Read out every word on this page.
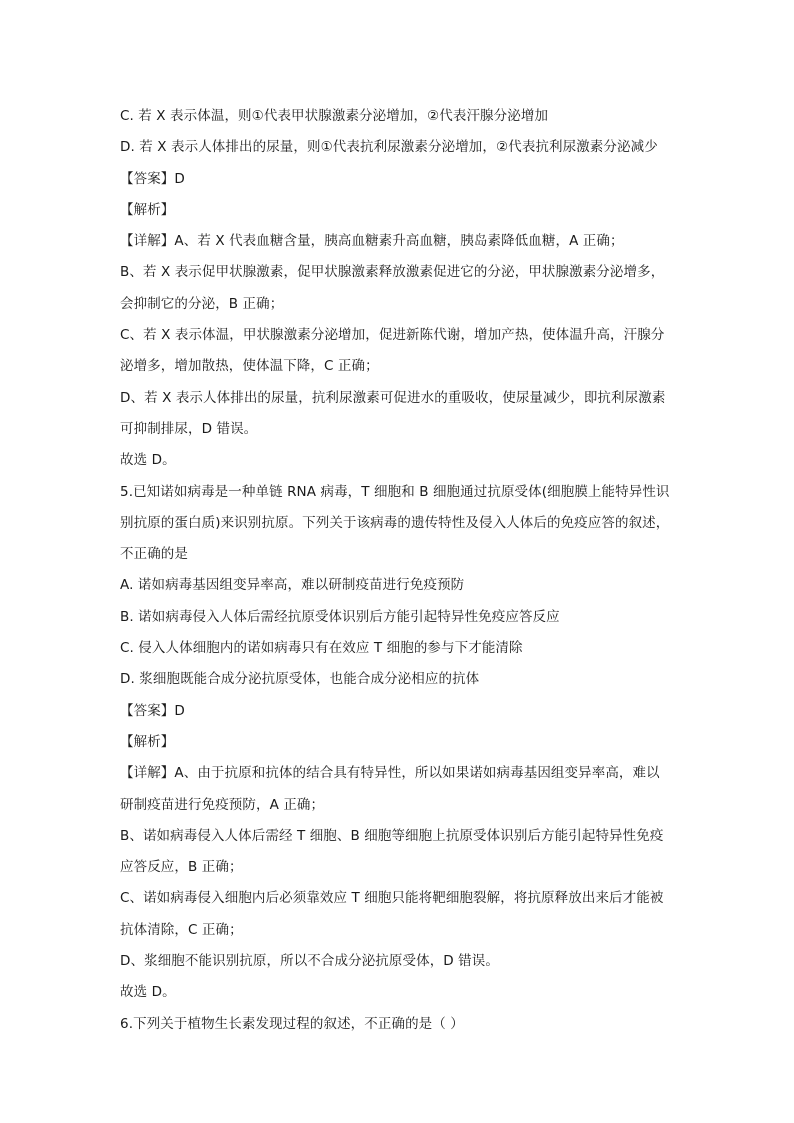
C. 若 X 表示体温，则①代表甲状腺激素分泌增加，②代表汗腺分泌增加
D. 若 X 表示人体排出的尿量，则①代表抗利尿激素分泌增加，②代表抗利尿激素分泌减少
【答案】D
【解析】
【详解】A、若 X 代表血糖含量，胰高血糖素升高血糖，胰岛素降低血糖，A 正确；
B、若 X 表示促甲状腺激素，促甲状腺激素释放激素促进它的分泌，甲状腺激素分泌增多，
会抑制它的分泌，B 正确；
C、若 X 表示体温，甲状腺激素分泌增加，促进新陈代谢，增加产热，使体温升高，汗腺分
泌增多，增加散热，使体温下降，C 正确；
D、若 X 表示人体排出的尿量，抗利尿激素可促进水的重吸收，使尿量减少，即抗利尿激素
可抑制排尿，D 错误。
故选 D。
5.已知诺如病毒是一种单链 RNA 病毒，T 细胞和 B 细胞通过抗原受体(细胞膜上能特异性识
别抗原的蛋白质)来识别抗原。下列关于该病毒的遗传特性及侵入人体后的免疫应答的叙述，
不正确的是
A. 诺如病毒基因组变异率高，难以研制疫苗进行免疫预防
B. 诺如病毒侵入人体后需经抗原受体识别后方能引起特异性免疫应答反应
C. 侵入人体细胞内的诺如病毒只有在效应 T 细胞的参与下才能清除
D. 浆细胞既能合成分泌抗原受体，也能合成分泌相应的抗体
【答案】D
【解析】
【详解】A、由于抗原和抗体的结合具有特异性，所以如果诺如病毒基因组变异率高，难以
研制疫苗进行免疫预防，A 正确；
B、诺如病毒侵入人体后需经 T 细胞、B 细胞等细胞上抗原受体识别后方能引起特异性免疫
应答反应，B 正确；
C、诺如病毒侵入细胞内后必须靠效应 T 细胞只能将靶细胞裂解，将抗原释放出来后才能被
抗体清除，C 正确；
D、浆细胞不能识别抗原，所以不合成分泌抗原受体，D 错误。
故选 D。
6.下列关于植物生长素发现过程的叙述，不正确的是（ ）
